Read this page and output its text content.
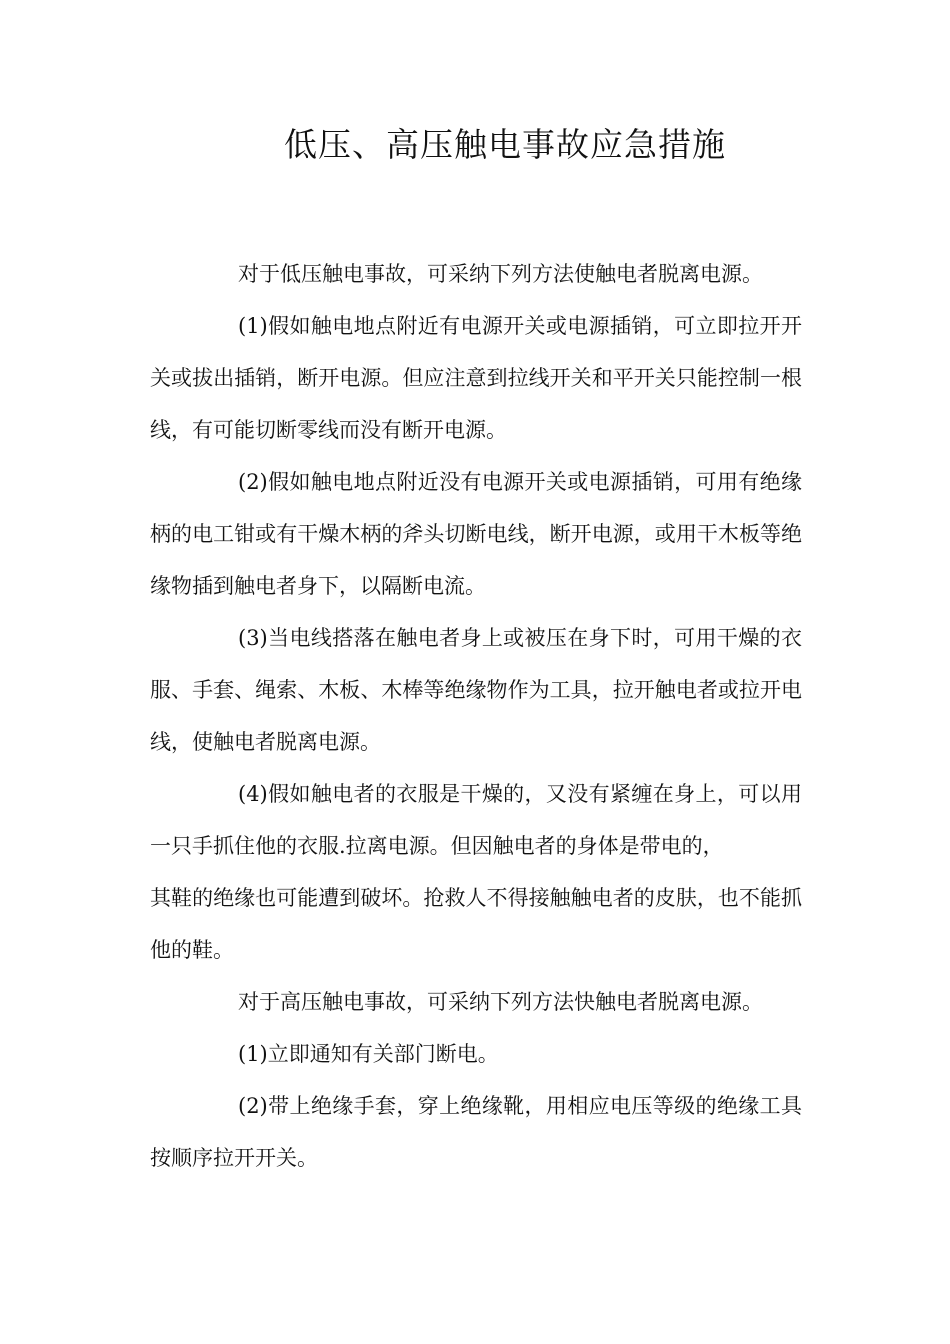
低压、高压触电事故应急措施

对于低压触电事故，可采纳下列方法使触电者脱离电源。

(1)假如触电地点附近有电源开关或电源插销，可立即拉开开关或拔出插销，断开电源。但应注意到拉线开关和平开关只能控制一根线，有可能切断零线而没有断开电源。

(2)假如触电地点附近没有电源开关或电源插销，可用有绝缘柄的电工钳或有干燥木柄的斧头切断电线，断开电源，或用干木板等绝缘物插到触电者身下，以隔断电流。

(3)当电线搭落在触电者身上或被压在身下时，可用干燥的衣服、手套、绳索、木板、木棒等绝缘物作为工具，拉开触电者或拉开电线，使触电者脱离电源。

(4)假如触电者的衣服是干燥的，又没有紧缠在身上，可以用一只手抓住他的衣服.拉离电源。但因触电者的身体是带电的，

其鞋的绝缘也可能遭到破坏。抢救人不得接触触电者的皮肤，也不能抓他的鞋。

对于高压触电事故，可采纳下列方法快触电者脱离电源。

(1)立即通知有关部门断电。

(2)带上绝缘手套，穿上绝缘靴，用相应电压等级的绝缘工具按顺序拉开开关。
